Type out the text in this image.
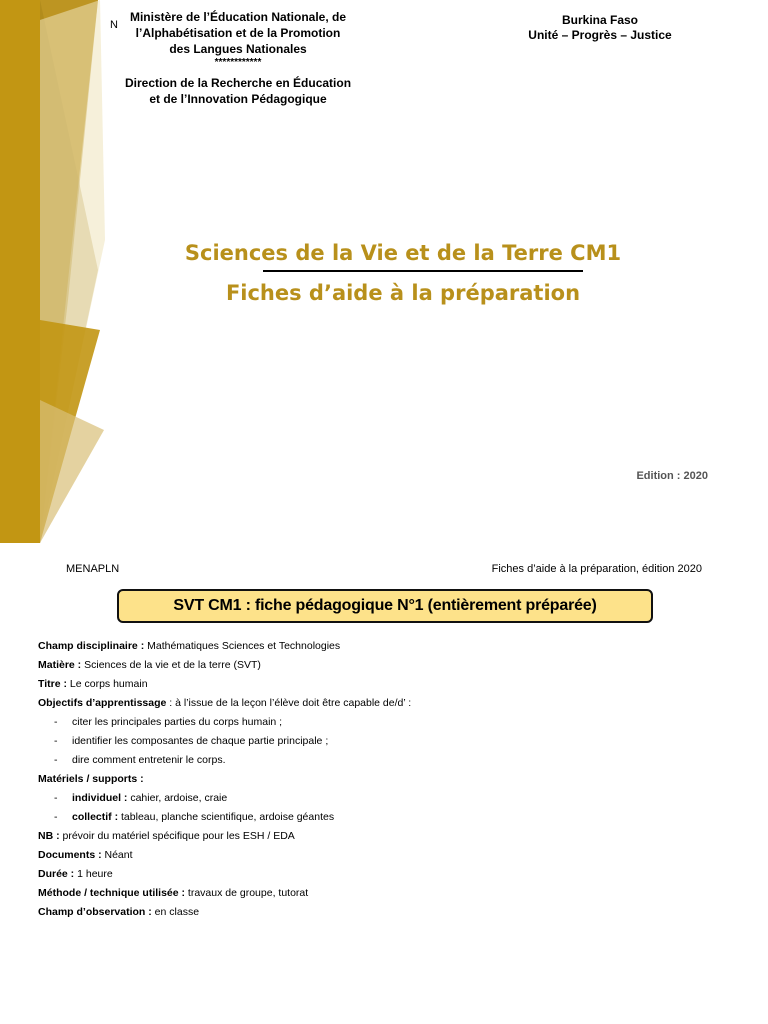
N
Ministère de l’Éducation Nationale, de
l’Alphabétisation et de la Promotion
des Langues Nationales
************
Direction de la Recherche en Éducation
et de l’Innovation Pédagogique
Burkina Faso
Unité – Progrès – Justice
Sciences de la Vie et de la Terre CM1
Fiches d’aide à la préparation
Edition : 2020
MENAPLN	Fiches d’aide à la préparation, édition 2020
SVT CM1 : fiche pédagogique N°1 (entièrement préparée)
Champ disciplinaire : Mathématiques Sciences et Technologies
Matière : Sciences de la vie et de la terre (SVT)
Titre : Le corps humain
Objectifs d’apprentissage : à l’issue de la leçon l’élève doit être capable de/d’ :
- citer les principales parties du corps humain ;
- identifier les composantes de chaque partie principale ;
- dire comment entretenir le corps.
Matériels / supports :
- individuel : cahier, ardoise, craie
- collectif : tableau, planche scientifique, ardoise géantes
NB : prévoir du matériel spécifique pour les ESH / EDA
Documents : Néant
Durée : 1 heure
Méthode / technique utilisée : travaux de groupe, tutorat
Champ d’observation : en classe
